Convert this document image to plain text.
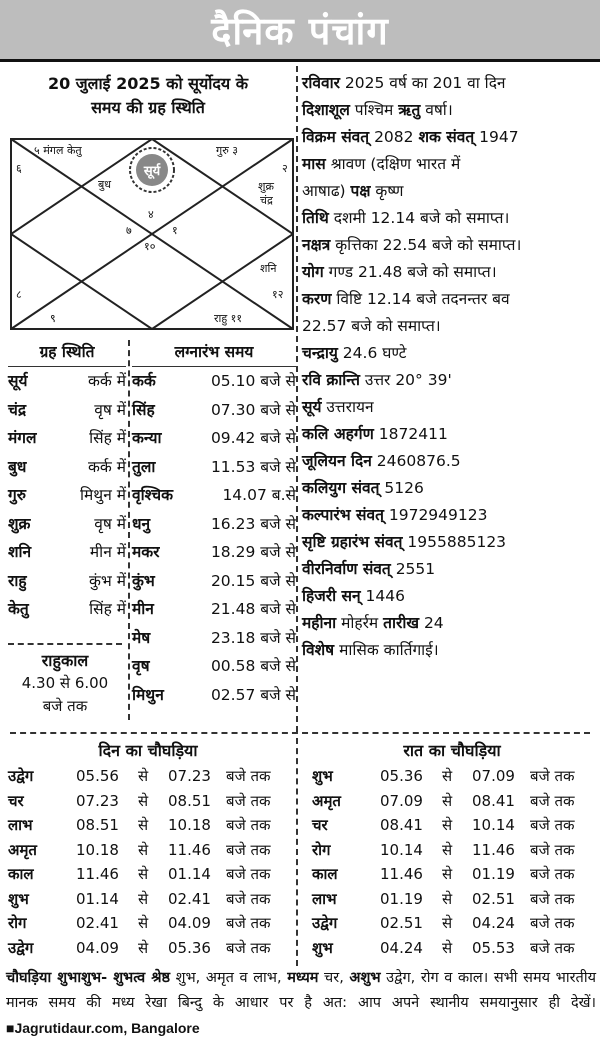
दैनिक पंचांग
20 जुलाई 2025 को सूर्योदय के
समय की ग्रह स्थिति
५ मंगल केतु	गुरु ३
६	२
बुध	शुक्र
चंद्र
४
७	१
१०
शनि
८	१२
९	राहु ११
सूर्य
ग्रह स्थिति
सूर्य	कर्क में
चंद्र	वृष में
मंगल	सिंह में
बुध	कर्क में
गुरु	मिथुन में
शुक्र	वृष में
शनि	मीन में
राहु	कुंभ में
केतु	सिंह में
लग्नारंभ समय
कर्क	05.10 बजे से
सिंह	07.30 बजे से
कन्या	09.42 बजे से
तुला	11.53 बजे से
वृश्चिक	14.07 ब.से
धनु	16.23 बजे से
मकर	18.29 बजे से
कुंभ	20.15 बजे से
मीन	21.48 बजे से
मेष	23.18 बजे से
वृष	00.58 बजे से
मिथुन	02.57 बजे से
राहुकाल
4.30 से 6.00
बजे तक
रविवार 2025 वर्ष का 201 वा दिन
दिशाशूल पश्चिम ऋतु वर्षा।
विक्रम संवत् 2082 शक संवत् 1947
मास श्रावण (दक्षिण भारत में
आषाढ) पक्ष कृष्ण
तिथि दशमी 12.14 बजे को समाप्त।
नक्षत्र कृत्तिका 22.54 बजे को समाप्त।
योग गण्ड 21.48 बजे को समाप्त।
करण विष्टि 12.14 बजे तदनन्तर बव
22.57 बजे को समाप्त।
चन्द्रायु 24.6 घण्टे
रवि क्रान्ति उत्तर 20° 39'
सूर्य उत्तरायन
कलि अहर्गण 1872411
जूलियन दिन 2460876.5
कलियुग संवत् 5126
कल्पारंभ संवत् 1972949123
सृष्टि ग्रहारंभ संवत् 1955885123
वीरनिर्वाण संवत् 2551
हिजरी सन् 1446
महीना मोहर्रम तारीख 24
विशेष मासिक कार्तिगाई।
दिन का चौघड़िया
उद्वेग	05.56	से	07.23	बजे तक
चर	07.23	से	08.51	बजे तक
लाभ	08.51	से	10.18	बजे तक
अमृत	10.18	से	11.46	बजे तक
काल	11.46	से	01.14	बजे तक
शुभ	01.14	से	02.41	बजे तक
रोग	02.41	से	04.09	बजे तक
उद्वेग	04.09	से	05.36	बजे तक
रात का चौघड़िया
शुभ	05.36	से	07.09	बजे तक
अमृत	07.09	से	08.41	बजे तक
चर	08.41	से	10.14	बजे तक
रोग	10.14	से	11.46	बजे तक
काल	11.46	से	01.19	बजे तक
लाभ	01.19	से	02.51	बजे तक
उद्वेग	02.51	से	04.24	बजे तक
शुभ	04.24	से	05.53	बजे तक
चौघड़िया शुभाशुभ- शुभत्व श्रेष्ठ शुभ, अमृत व लाभ, मध्यम चर, अशुभ उद्वेग, रोग व काल। सभी समय भारतीय मानक समय की मध्य रेखा बिन्दु के आधार पर है अत: आप अपने स्थानीय समयानुसार ही देखें। ■Jagrutidaur.com, Bangalore
